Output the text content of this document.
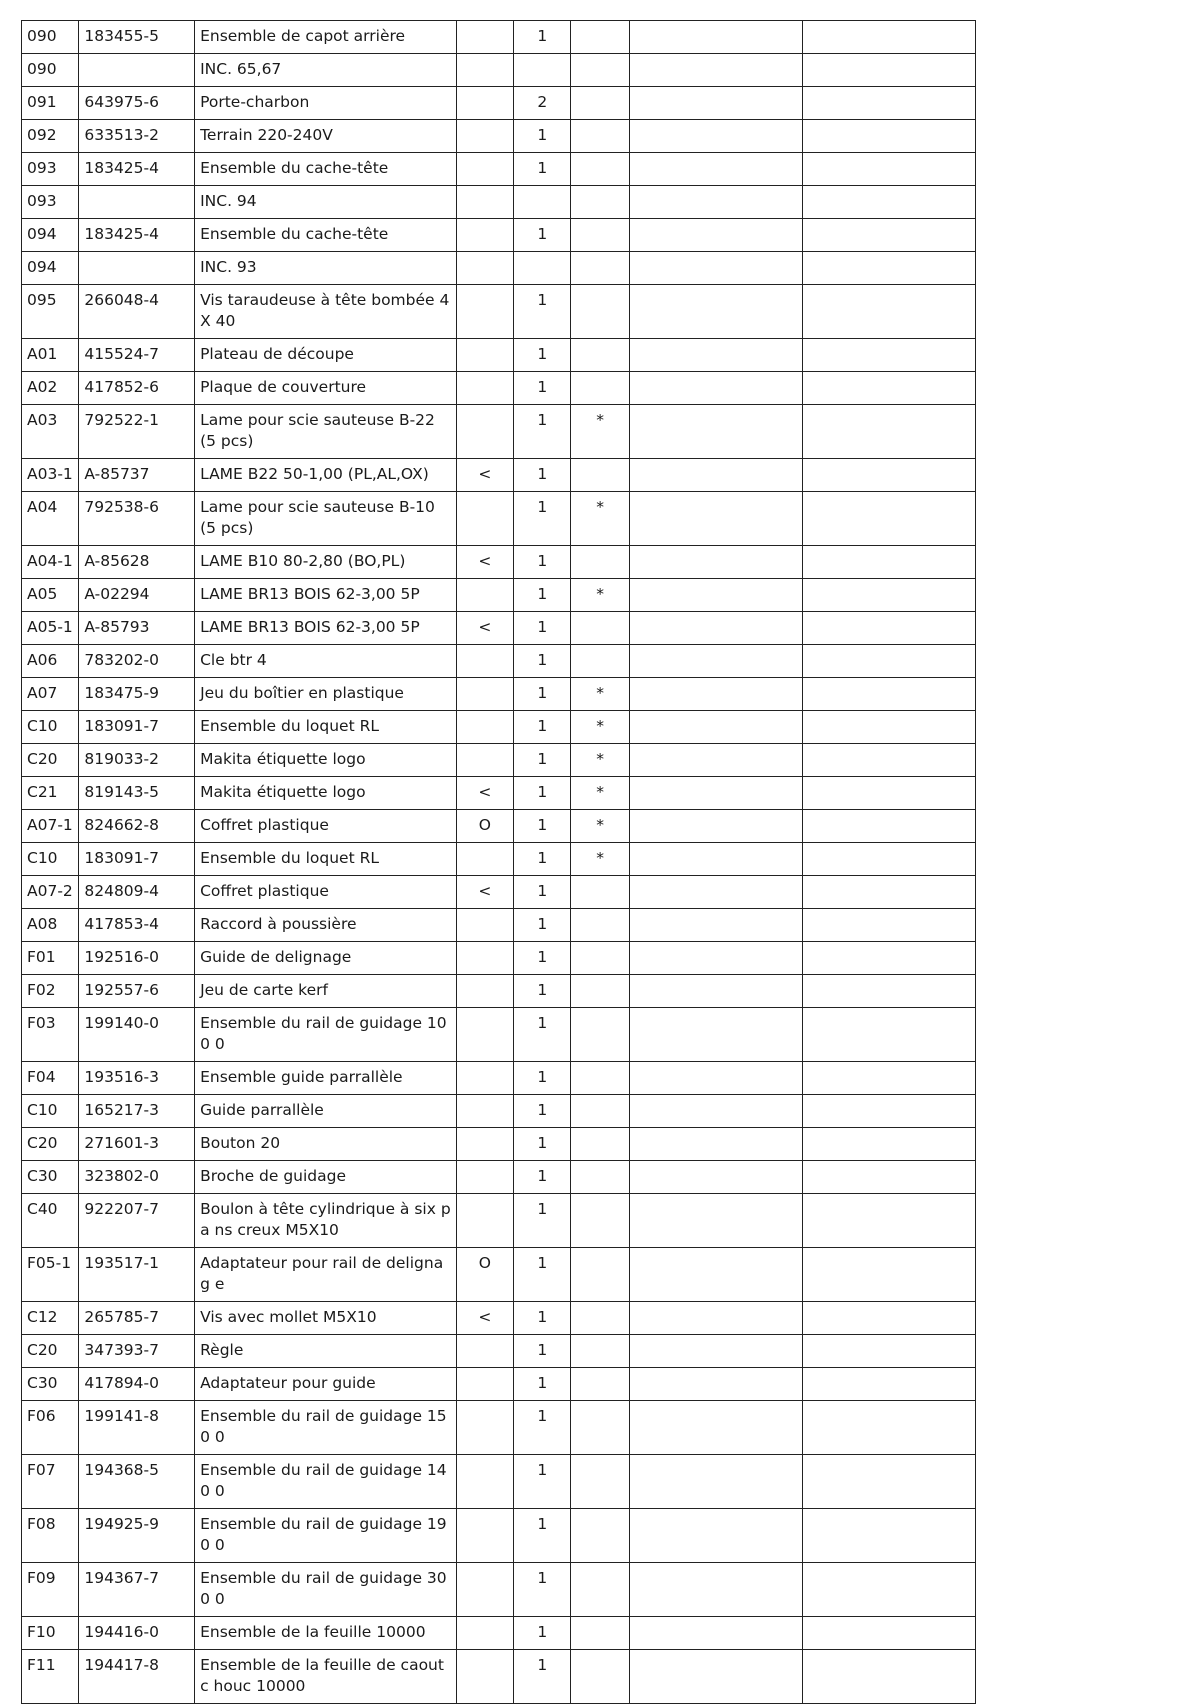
090	183455-5	Ensemble de capot arrière		1			
090		INC. 65,67					
091	643975-6	Porte-charbon		2			
092	633513-2	Terrain 220-240V		1			
093	183425-4	Ensemble du cache-tête		1			
093		INC. 94					
094	183425-4	Ensemble du cache-tête		1			
094		INC. 93					
095	266048-4	Vis taraudeuse à tête bombée 4X 40		1			
A01	415524-7	Plateau de découpe		1			
A02	417852-6	Plaque de couverture		1			
A03	792522-1	Lame pour scie sauteuse B-22 (5 pcs)		1	*		
A03-1	A-85737	LAME B22 50-1,00 (PL,AL,OX)	<	1			
A04	792538-6	Lame pour scie sauteuse B-10 (5 pcs)		1	*		
A04-1	A-85628	LAME B10 80-2,80 (BO,PL)	<	1			
A05	A-02294	LAME BR13 BOIS 62-3,00 5P		1	*		
A05-1	A-85793	LAME BR13 BOIS 62-3,00 5P	<	1			
A06	783202-0	Cle btr 4		1			
A07	183475-9	Jeu du boîtier en plastique		1	*		
C10	183091-7	Ensemble du loquet RL		1	*		
C20	819033-2	Makita étiquette logo		1	*		
C21	819143-5	Makita étiquette logo	<	1	*		
A07-1	824662-8	Coffret plastique	O	1	*		
C10	183091-7	Ensemble du loquet RL		1	*		
A07-2	824809-4	Coffret plastique	<	1			
A08	417853-4	Raccord à poussière		1			
F01	192516-0	Guide de delignage		1			
F02	192557-6	Jeu de carte kerf		1			
F03	199140-0	Ensemble du rail de guidage 100 0		1			
F04	193516-3	Ensemble guide parrallèle		1			
C10	165217-3	Guide parrallèle		1			
C20	271601-3	Bouton 20		1			
C30	323802-0	Broche de guidage		1			
C40	922207-7	Boulon à tête cylindrique à six pa ns creux M5X10		1			
F05-1	193517-1	Adaptateur pour rail de delignag e	O	1			
C12	265785-7	Vis avec mollet M5X10	<	1			
C20	347393-7	Règle		1			
C30	417894-0	Adaptateur pour guide		1			
F06	199141-8	Ensemble du rail de guidage 150 0		1			
F07	194368-5	Ensemble du rail de guidage 140 0		1			
F08	194925-9	Ensemble du rail de guidage 190 0		1			
F09	194367-7	Ensemble du rail de guidage 300 0		1			
F10	194416-0	Ensemble de la feuille 10000		1			
F11	194417-8	Ensemble de la feuille de caoutc houc 10000		1			
